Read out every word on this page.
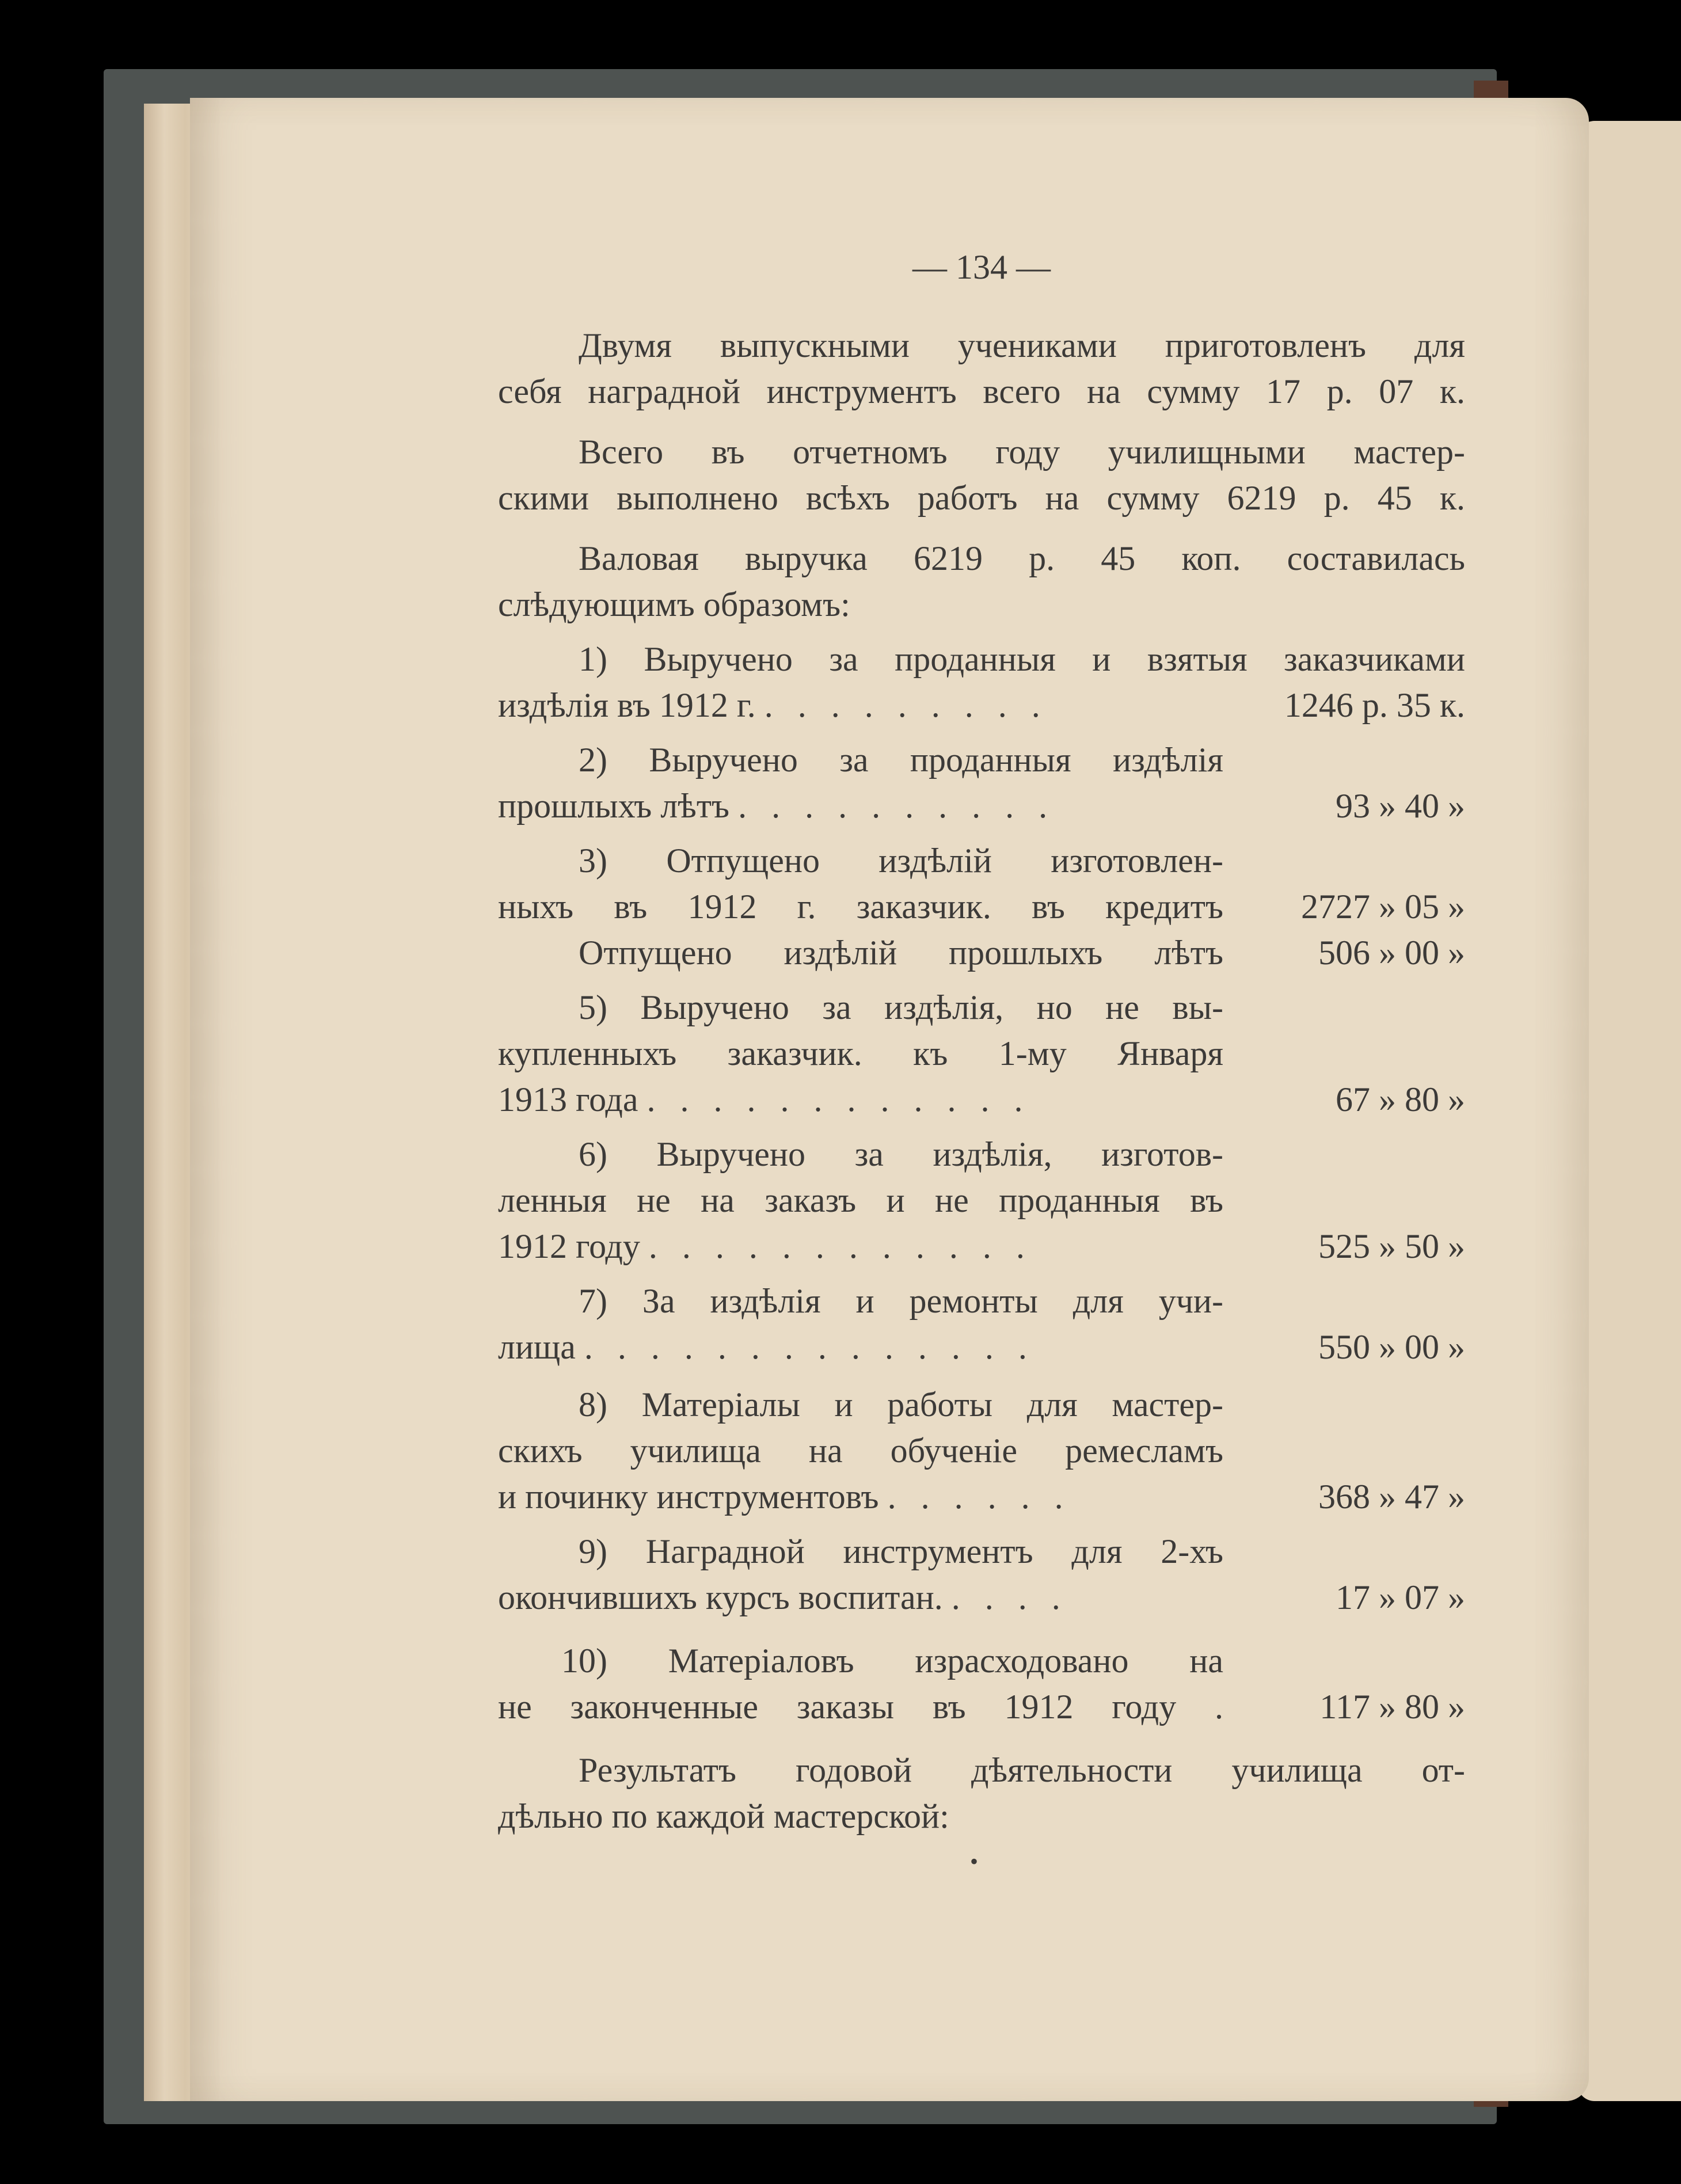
— 134 —
Двумя выпускными учениками приготовленъ для
себя наградной инструментъ всего на сумму 17 р. 07 к.
Всего въ отчетномъ году училищными мастер-
скими выполнено всѣхъ работъ на сумму 6219 р. 45 к.
Валовая выручка 6219 р. 45 коп. составилась
слѣдующимъ образомъ:
1) Выручено за проданныя и взятыя заказчиками
издѣлія въ 1912 г. . . . . . . . . .	1246 р. 35 к.
2) Выручено за проданныя издѣлія
прошлыхъ лѣтъ . . . . . . . . . .	93 » 40 »
3) Отпущено издѣлій изготовлен-
ныхъ въ 1912 г. заказчик. въ кредитъ	2727 » 05 »
Отпущено издѣлій прошлыхъ лѣтъ	506 » 00 »
5) Выручено за издѣлія, но не вы-
купленныхъ заказчик. къ 1-му Января
1913 года . . . . . . . . . . . .	67 » 80 »
6) Выручено за издѣлія, изготов-
ленныя не на заказъ и не проданныя въ
1912 году . . . . . . . . . . . .	525 » 50 »
7) За издѣлія и ремонты для учи-
лища . . . . . . . . . . . . . .	550 » 00 »
8) Матеріалы и работы для мастер-
скихъ училища на обученіе ремесламъ
и починку инструментовъ . . . . . .	368 » 47 »
9) Наградной инструментъ для 2-хъ
окончившихъ курсъ воспитан. . . . .	17 » 07 »
10) Матеріаловъ израсходовано на
не законченные заказы въ 1912 году .	117 » 80 »
Результатъ годовой дѣятельности училища от-
дѣльно по каждой мастерской:
•
